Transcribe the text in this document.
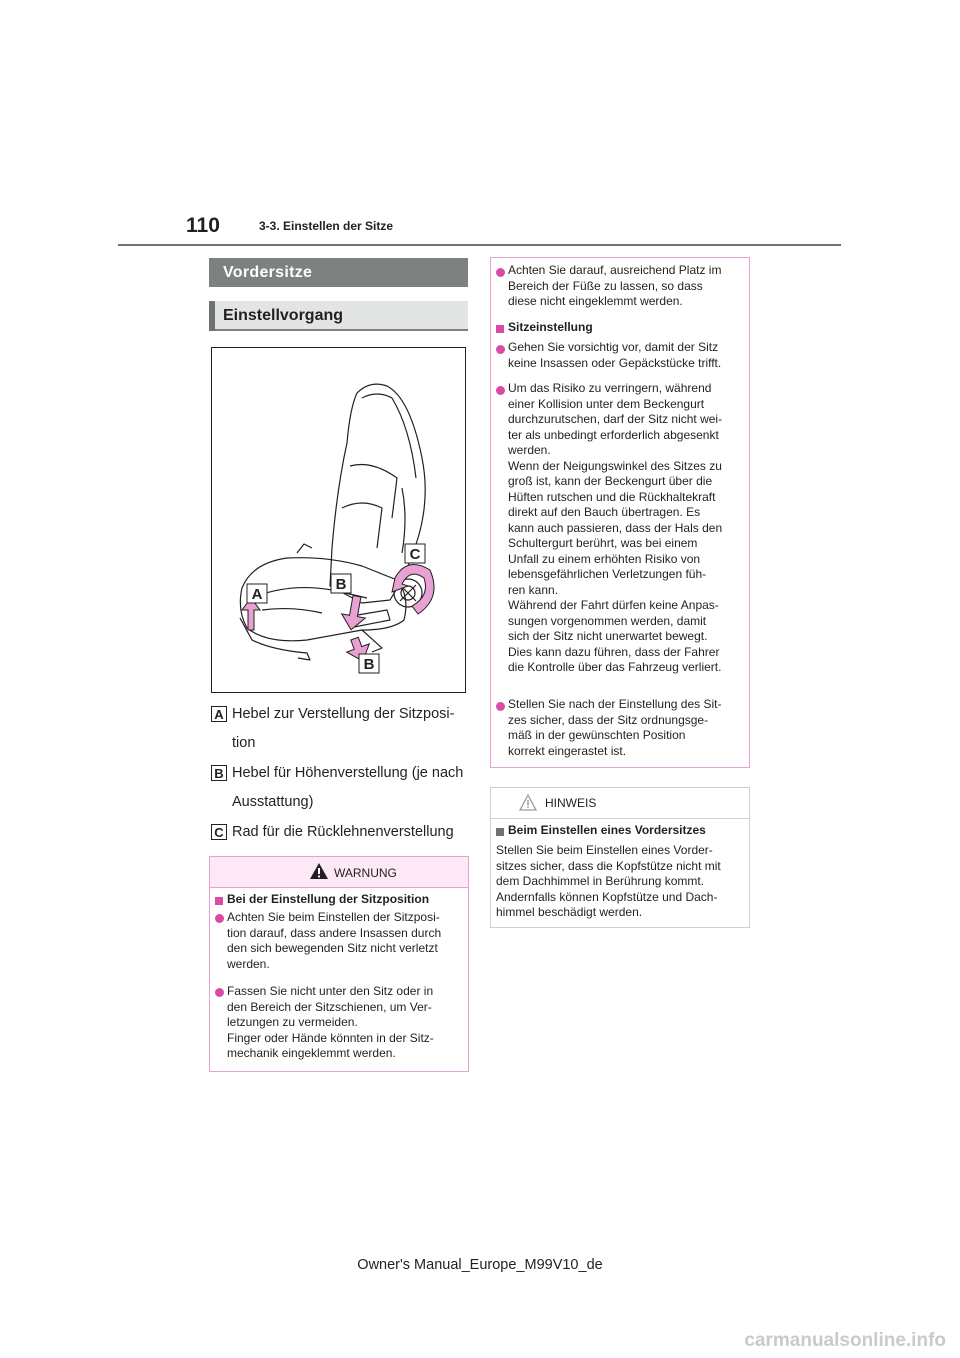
110	3-3. Einstellen der Sitze
Vordersitze
Einstellvorgang
A
B
C
B
A Hebel zur Verstellung der Sitzposi-
tion
B Hebel für Höhenverstellung (je nach
Ausstattung)
C Rad für die Rücklehnenverstellung
WARNUNG
Bei der Einstellung der Sitzposition
Achten Sie beim Einstellen der Sitzposi-
tion darauf, dass andere Insassen durch
den sich bewegenden Sitz nicht verletzt
werden.
Fassen Sie nicht unter den Sitz oder in
den Bereich der Sitzschienen, um Ver-
letzungen zu vermeiden.
Finger oder Hände könnten in der Sitz-
mechanik eingeklemmt werden.
Achten Sie darauf, ausreichend Platz im
Bereich der Füße zu lassen, so dass
diese nicht eingeklemmt werden.
Sitzeinstellung
Gehen Sie vorsichtig vor, damit der Sitz
keine Insassen oder Gepäckstücke trifft.
Um das Risiko zu verringern, während
einer Kollision unter dem Beckengurt
durchzurutschen, darf der Sitz nicht wei-
ter als unbedingt erforderlich abgesenkt
werden.
Wenn der Neigungswinkel des Sitzes zu
groß ist, kann der Beckengurt über die
Hüften rutschen und die Rückhaltekraft
direkt auf den Bauch übertragen. Es
kann auch passieren, dass der Hals den
Schultergurt berührt, was bei einem
Unfall zu einem erhöhten Risiko von
lebensgefährlichen Verletzungen füh-
ren kann.
Während der Fahrt dürfen keine Anpas-
sungen vorgenommen werden, damit
sich der Sitz nicht unerwartet bewegt.
Dies kann dazu führen, dass der Fahrer
die Kontrolle über das Fahrzeug verliert.
Stellen Sie nach der Einstellung des Sit-
zes sicher, dass der Sitz ordnungsge-
mäß in der gewünschten Position
korrekt eingerastet ist.
HINWEIS
Beim Einstellen eines Vordersitzes
Stellen Sie beim Einstellen eines Vorder-
sitzes sicher, dass die Kopfstütze nicht mit
dem Dachhimmel in Berührung kommt.
Andernfalls können Kopfstütze und Dach-
himmel beschädigt werden.
Owner's Manual_Europe_M99V10_de
carmanualsonline.info
